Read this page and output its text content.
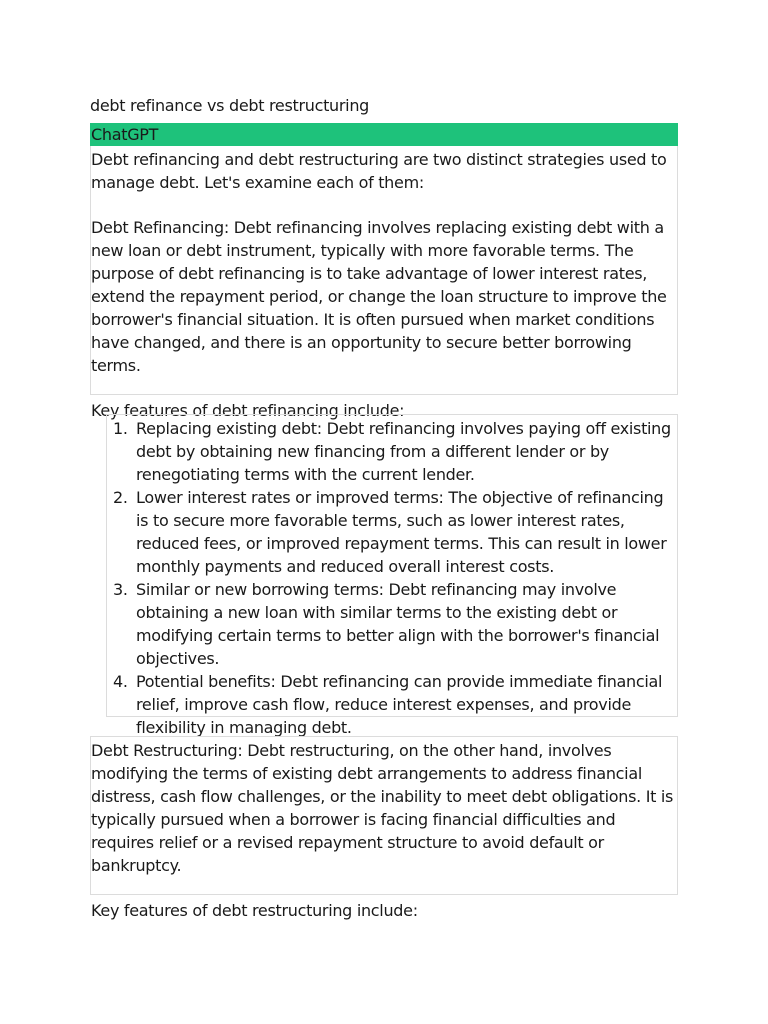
debt refinance vs debt restructuring
ChatGPT

Debt refinancing and debt restructuring are two distinct strategies used to manage debt. Let's examine each of them:

Debt Refinancing: Debt refinancing involves replacing existing debt with a new loan or debt instrument, typically with more favorable terms. The purpose of debt refinancing is to take advantage of lower interest rates, extend the repayment period, or change the loan structure to improve the borrower's financial situation. It is often pursued when market conditions have changed, and there is an opportunity to secure better borrowing terms.

Key features of debt refinancing include:

1. Replacing existing debt: Debt refinancing involves paying off existing debt by obtaining new financing from a different lender or by renegotiating terms with the current lender.
2. Lower interest rates or improved terms: The objective of refinancing is to secure more favorable terms, such as lower interest rates, reduced fees, or improved repayment terms. This can result in lower monthly payments and reduced overall interest costs.
3. Similar or new borrowing terms: Debt refinancing may involve obtaining a new loan with similar terms to the existing debt or modifying certain terms to better align with the borrower's financial objectives.
4. Potential benefits: Debt refinancing can provide immediate financial relief, improve cash flow, reduce interest expenses, and provide flexibility in managing debt.

Debt Restructuring: Debt restructuring, on the other hand, involves modifying the terms of existing debt arrangements to address financial distress, cash flow challenges, or the inability to meet debt obligations. It is typically pursued when a borrower is facing financial difficulties and requires relief or a revised repayment structure to avoid default or bankruptcy.

Key features of debt restructuring include:
